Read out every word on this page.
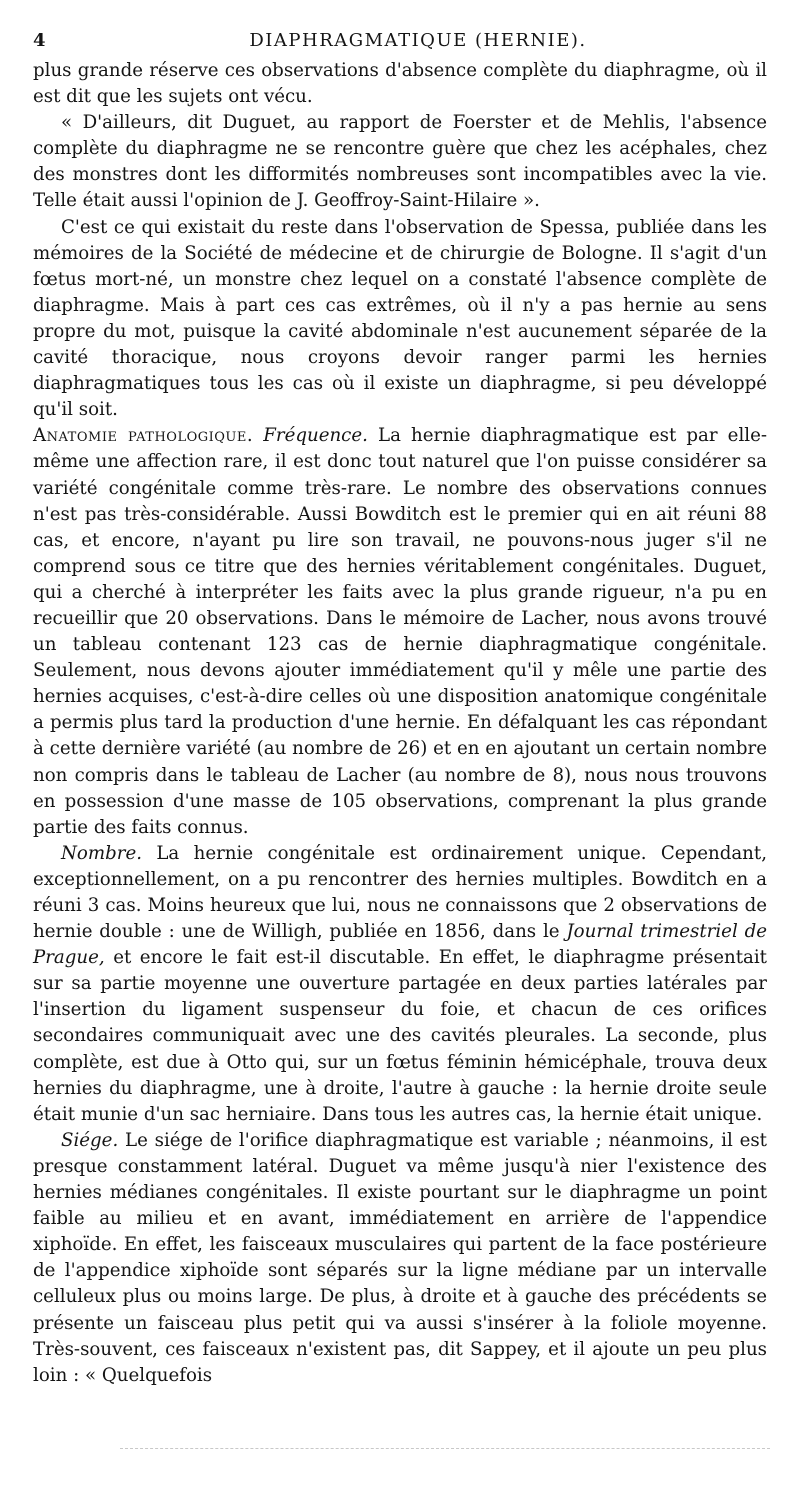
4	DIAPHRAGMATIQUE (HERNIE).

plus grande réserve ces observations d'absence complète du diaphragme, où il est dit que les sujets ont vécu.

« D'ailleurs, dit Duguet, au rapport de Foerster et de Mehlis, l'absence complète du diaphragme ne se rencontre guère que chez les acéphales, chez des monstres dont les difformités nombreuses sont incompatibles avec la vie. Telle était aussi l'opinion de J. Geoffroy-Saint-Hilaire ».

C'est ce qui existait du reste dans l'observation de Spessa, publiée dans les mémoires de la Société de médecine et de chirurgie de Bologne. Il s'agit d'un fœtus mort-né, un monstre chez lequel on a constaté l'absence complète de diaphragme. Mais à part ces cas extrêmes, où il n'y a pas hernie au sens propre du mot, puisque la cavité abdominale n'est aucunement séparée de la cavité thoracique, nous croyons devoir ranger parmi les hernies diaphragmatiques tous les cas où il existe un diaphragme, si peu développé qu'il soit.

Anatomie pathologique. Fréquence. La hernie diaphragmatique est par elle-même une affection rare, il est donc tout naturel que l'on puisse considérer sa variété congénitale comme très-rare. Le nombre des observations connues n'est pas très-considérable. Aussi Bowditch est le premier qui en ait réuni 88 cas, et encore, n'ayant pu lire son travail, ne pouvons-nous juger s'il ne comprend sous ce titre que des hernies véritablement congénitales. Duguet, qui a cherché à interpréter les faits avec la plus grande rigueur, n'a pu en recueillir que 20 observations. Dans le mémoire de Lacher, nous avons trouvé un tableau contenant 123 cas de hernie diaphragmatique congénitale. Seulement, nous devons ajouter immédiatement qu'il y mêle une partie des hernies acquises, c'est-à-dire celles où une disposition anatomique congénitale a permis plus tard la production d'une hernie. En défalquant les cas répondant à cette dernière variété (au nombre de 26) et en en ajoutant un certain nombre non compris dans le tableau de Lacher (au nombre de 8), nous nous trouvons en possession d'une masse de 105 observations, comprenant la plus grande partie des faits connus.

Nombre. La hernie congénitale est ordinairement unique. Cependant, exceptionnellement, on a pu rencontrer des hernies multiples. Bowditch en a réuni 3 cas. Moins heureux que lui, nous ne connaissons que 2 observations de hernie double : une de Willigh, publiée en 1856, dans le Journal trimestriel de Prague, et encore le fait est-il discutable. En effet, le diaphragme présentait sur sa partie moyenne une ouverture partagée en deux parties latérales par l'insertion du ligament suspenseur du foie, et chacun de ces orifices secondaires communiquait avec une des cavités pleurales. La seconde, plus complète, est due à Otto qui, sur un fœtus féminin hémicéphale, trouva deux hernies du diaphragme, une à droite, l'autre à gauche : la hernie droite seule était munie d'un sac herniaire. Dans tous les autres cas, la hernie était unique.

Siége. Le siége de l'orifice diaphragmatique est variable ; néanmoins, il est presque constamment latéral. Duguet va même jusqu'à nier l'existence des hernies médianes congénitales. Il existe pourtant sur le diaphragme un point faible au milieu et en avant, immédiatement en arrière de l'appendice xiphoïde. En effet, les faisceaux musculaires qui partent de la face postérieure de l'appendice xiphoïde sont séparés sur la ligne médiane par un intervalle celluleux plus ou moins large. De plus, à droite et à gauche des précédents se présente un faisceau plus petit qui va aussi s'insérer à la foliole moyenne. Très-souvent, ces faisceaux n'existent pas, dit Sappey, et il ajoute un peu plus loin : « Quelquefois
